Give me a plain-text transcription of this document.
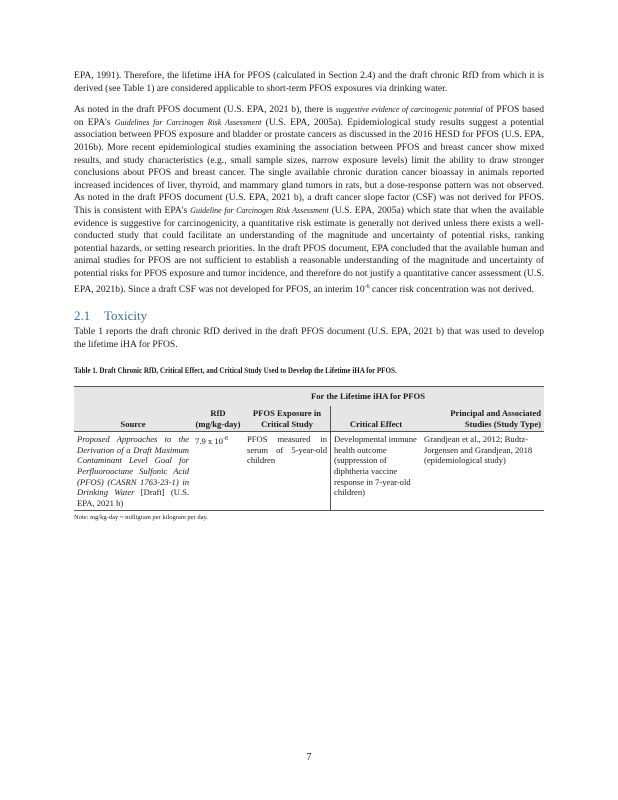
EPA, 1991). Therefore, the lifetime iHA for PFOS (calculated in Section 2.4) and the draft chronic RfD from which it is derived (see Table 1) are considered applicable to short-term PFOS exposures via drinking water.

As noted in the draft PFOS document (U.S. EPA, 2021 b), there is suggestive evidence of carcinogenic potential of PFOS based on EPA's Guidelines for Carcinogen Risk Assessment (U.S. EPA, 2005a). Epidemiological study results suggest a potential association between PFOS exposure and bladder or prostate cancers as discussed in the 2016 HESD for PFOS (U.S. EPA, 2016b). More recent epidemiological studies examining the association between PFOS and breast cancer show mixed results, and study characteristics (e.g., small sample sizes, narrow exposure levels) limit the ability to draw stronger conclusions about PFOS and breast cancer. The single available chronic duration cancer bioassay in animals reported increased incidences of liver, thyroid, and mammary gland tumors in rats, but a dose-response pattern was not observed. As noted in the draft PFOS document (U.S. EPA, 2021 b), a draft cancer slope factor (CSF) was not derived for PFOS. This is consistent with EPA's Guideline for Carcinogen Risk Assessment (U.S. EPA, 2005a) which state that when the available evidence is suggestive for carcinogenicity, a quantitative risk estimate is generally not derived unless there exists a well-conducted study that could facilitate an understanding of the magnitude and uncertainty of potential risks, ranking potential hazards, or setting research priorities. In the draft PFOS document, EPA concluded that the available human and animal studies for PFOS are not sufficient to establish a reasonable understanding of the magnitude and uncertainty of potential risks for PFOS exposure and tumor incidence, and therefore do not justify a quantitative cancer assessment (U.S. EPA, 2021b). Since a draft CSF was not developed for PFOS, an interim $10^{-6}$ cancer risk concentration was not derived.

2.1 Toxicity

Table 1 reports the draft chronic RfD derived in the draft PFOS document (U.S. EPA, 2021 b) that was used to develop the lifetime iHA for PFOS.

Table 1. Draft Chronic RfD, Critical Effect, and Critical Study Used to Develop the Lifetime iHA for PFOS.
	For the Lifetime iHA for PFOS			
Source	RfD (mg/kg-day)	PFOS Exposure in Critical Study	Critical Effect	Principal and Associated Studies (Study Type)
Proposed Approaches to the Derivation of a Draft Maximum Contaminant Level Goal for Perfluorooctane Sulfonic Acid (PFOS) (CASRN 1763-23-1) in Drinking Water [Draft] (U.S. EPA, 2021 b)	7.9 x $10^{-8}$	PFOS measured in serum of 5-year-old children	Developmental immune health outcome (suppression of diphtheria vaccine response in 7-year-old children)	Grandjean et al., 2012; Budtz-Jorgensen and Grandjean, 2018 (epidemiological study)
Note: mg/kg-day = milligram per kilogram per day.
7
